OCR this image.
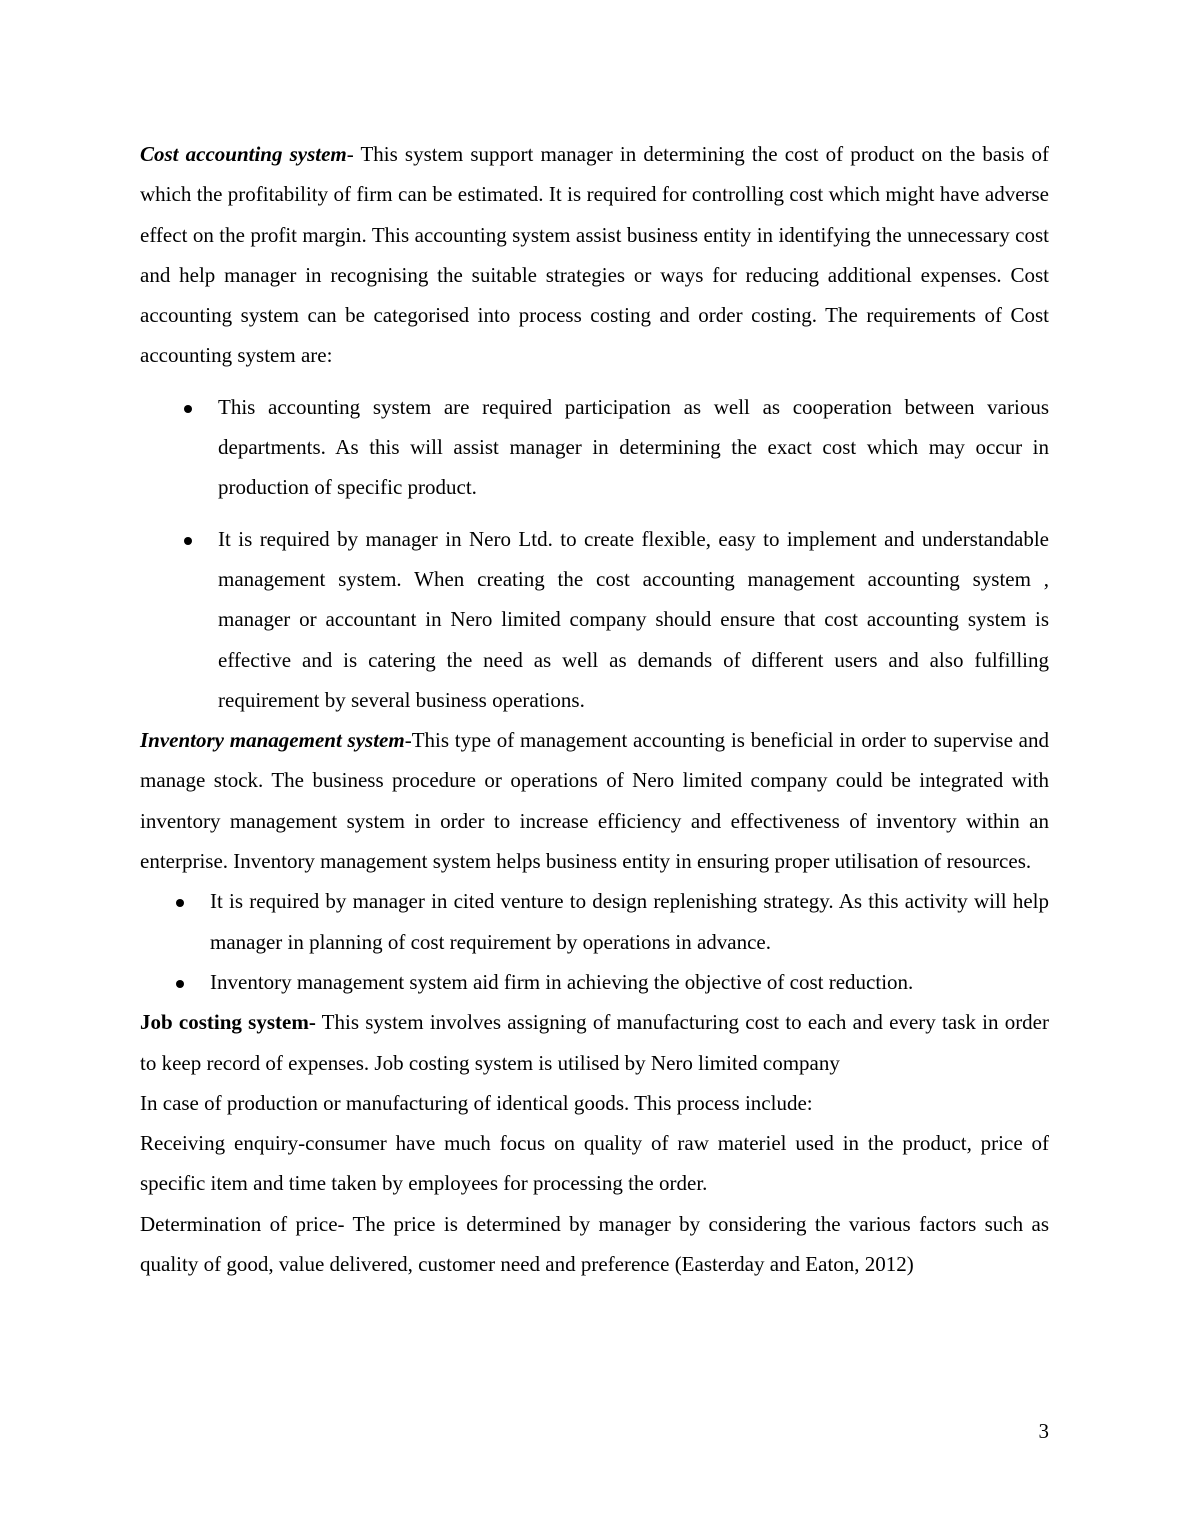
Cost accounting system- This system support manager in determining the cost of product on the basis of which the profitability of firm can be estimated. It is required for controlling cost which might have adverse effect on the profit margin. This accounting system assist business entity in identifying the unnecessary cost and help manager in recognising the suitable strategies or ways for reducing additional expenses. Cost accounting system can be categorised into process costing and order costing. The requirements of Cost accounting system are:

This accounting system are required participation as well as cooperation between various departments. As this will assist manager in determining the exact cost which may occur in production of specific product.
It is required by manager in Nero Ltd. to create flexible, easy to implement and understandable management system. When creating the cost accounting management accounting system , manager or accountant in Nero limited company should ensure that cost accounting system is effective and is catering the need as well as demands of different users and also fulfilling requirement by several business operations.

Inventory management system-This type of management accounting is beneficial in order to supervise and manage stock. The business procedure or operations of Nero limited company could be integrated with inventory management system in order to increase efficiency and effectiveness of inventory within an enterprise. Inventory management system helps business entity in ensuring proper utilisation of resources.

It is required by manager in cited venture to design replenishing strategy. As this activity will help manager in planning of cost requirement by operations in advance.
Inventory management system aid firm in achieving the objective of cost reduction.

Job costing system- This system involves assigning of manufacturing cost to each and every task in order to keep record of expenses. Job costing system is utilised by Nero limited company

In case of production or manufacturing of identical goods. This process include:

Receiving enquiry-consumer have much focus on quality of raw materiel used in the product, price of specific item and time taken by employees for processing the order.

Determination of price- The price is determined by manager by considering the various factors such as quality of good, value delivered, customer need and preference (Easterday and Eaton, 2012)

3
